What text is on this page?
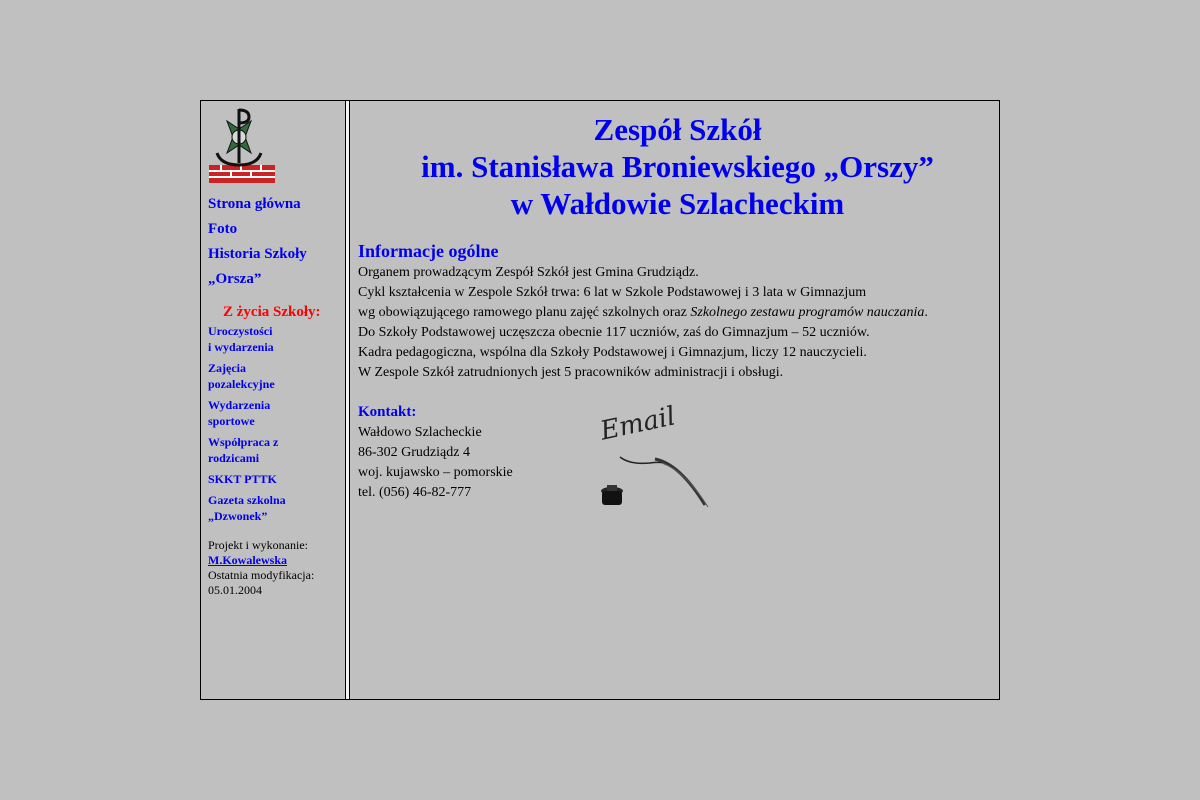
Strona główna
Foto
Historia Szkoły
„Orsza”
Z życia Szkoły:
Uroczystości
i wydarzenia
Zajęcia
pozalekcyjne
Wydarzenia
sportowe
Współpraca z
rodzicami
SKKT PTTK
Gazeta szkolna
„Dzwonek”
Projekt i wykonanie:
M.Kowalewska
Ostatnia modyfikacja:
05.01.2004
Zespół Szkół
im. Stanisława Broniewskiego „Orszy”
w Wałdowie Szlacheckim
Informacje ogólne
Organem prowadzącym Zespół Szkół jest Gmina Grudziądz.
Cykl kształcenia w Zespole Szkół trwa: 6 lat w Szkole Podstawowej i 3 lata w Gimnazjum
wg obowiązującego ramowego planu zajęć szkolnych oraz Szkolnego zestawu programów nauczania.
Do Szkoły Podstawowej uczęszcza obecnie 117 uczniów, zaś do Gimnazjum – 52 uczniów.
Kadra pedagogiczna, wspólna dla Szkoły Podstawowej i Gimnazjum, liczy 12 nauczycieli.
W Zespole Szkół zatrudnionych jest 5 pracowników administracji i obsługi.
Kontakt:
Wałdowo Szlacheckie
86-302 Grudziądz 4
woj. kujawsko – pomorskie
tel. (056) 46-82-777
Email
